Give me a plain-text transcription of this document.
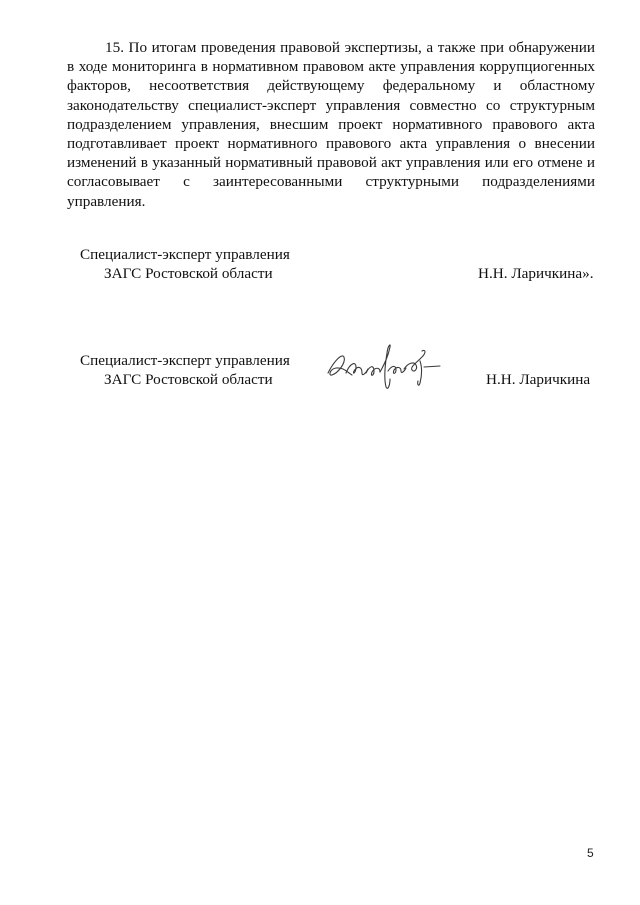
15. По итогам проведения правовой экспертизы, а также при обнаружении в ходе мониторинга в нормативном правовом акте управления коррупциогенных факторов, несоответствия действующему федеральному и областному законодательству специалист-эксперт управления совместно со структурным подразделением управления, внесшим проект нормативного правового акта подготавливает проект нормативного правового акта управления о внесении изменений в указанный нормативный правовой акт управления или его отмене и согласовывает с заинтересованными структурными подразделениями управления.

Специалист-эксперт управления
ЗАГС Ростовской области	Н.Н. Ларичкина».
Специалист-эксперт управления
ЗАГС Ростовской области	Н.Н. Ларичкина
5
